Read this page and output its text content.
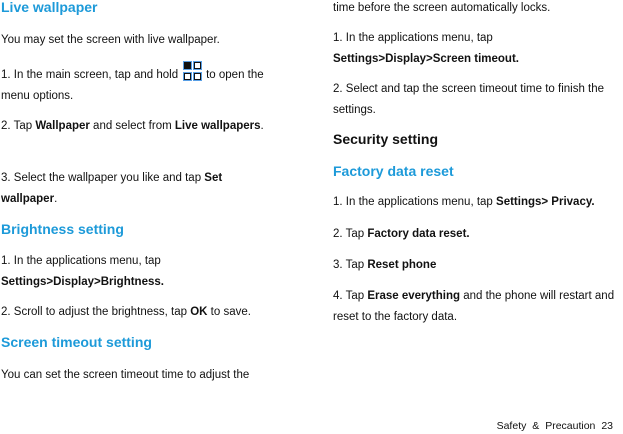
Live wallpaper

You may set the screen with live wallpaper.

1. In the main screen, tap and hold to open the menu options.

2. Tap Wallpaper and select from Live wallpapers.

3. Select the wallpaper you like and tap Set wallpaper.

Brightness setting

1. In the applications menu, tap Settings>Display>Brightness.

2. Scroll to adjust the brightness, tap OK to save.

Screen timeout setting

You can set the screen timeout time to adjust the

time before the screen automatically locks.

1. In the applications menu, tap Settings>Display>Screen timeout.

2. Select and tap the screen timeout time to finish the settings.

Security setting
Factory data reset

1. In the applications menu, tap Settings> Privacy.

2. Tap Factory data reset.

3. Tap Reset phone

4. Tap Erase everything and the phone will restart and reset to the factory data.

Safety & Precaution 23
